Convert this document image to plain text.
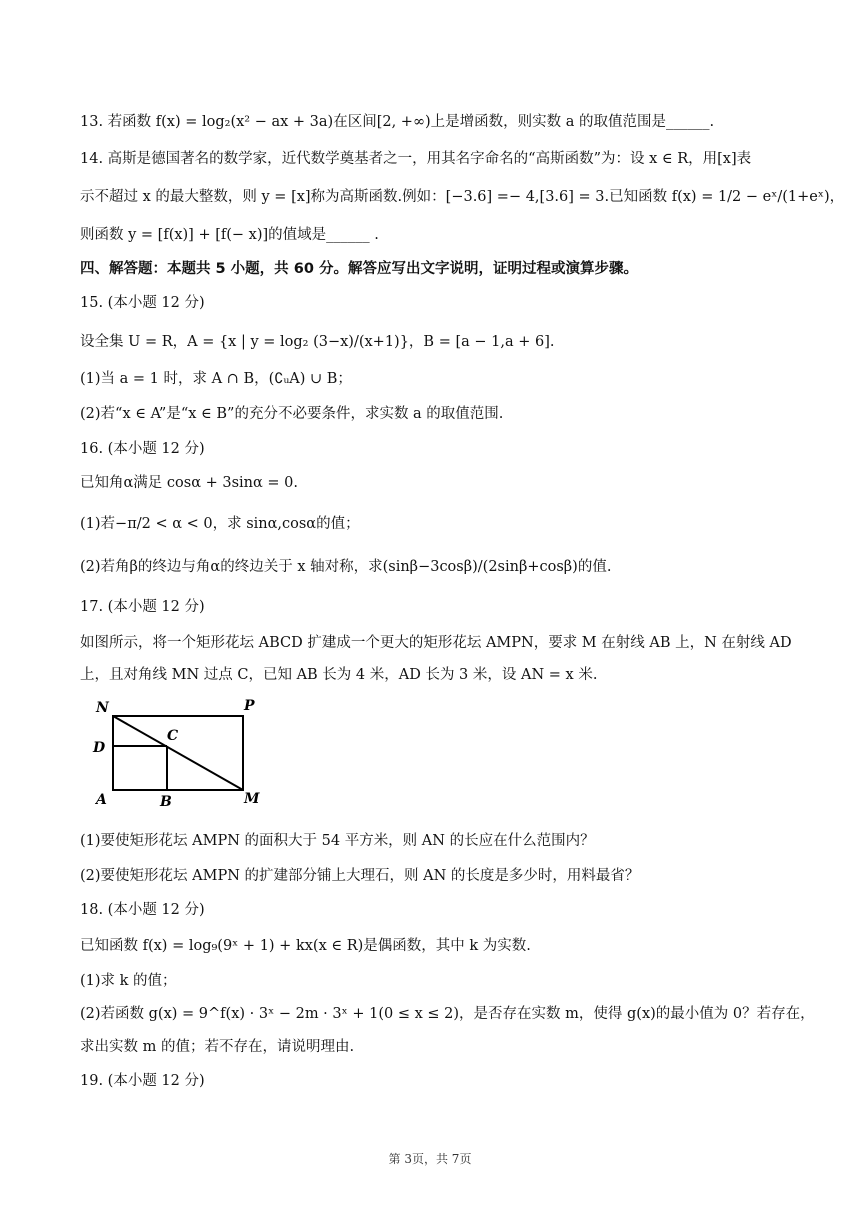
13. 若函数 f(x) = log₂(x² − ax + 3a)在区间[2, +∞)上是增函数，则实数 a 的取值范围是______.
14. 高斯是德国著名的数学家，近代数学奠基者之一，用其名字命名的“高斯函数”为：设 x ∈ R，用[x]表
示不超过 x 的最大整数，则 y = [x]称为高斯函数.例如：[−3.6] =− 4,[3.6] = 3.已知函数 f(x) = 1/2 − eˣ/(1+eˣ)，
则函数 y = [f(x)] + [f(− x)]的值域是______ .
四、解答题：本题共 5 小题，共 60 分。解答应写出文字说明，证明过程或演算步骤。
15. (本小题 12 分)
设全集 U = R，A = {x | y = log₂ (3−x)/(x+1)}，B = [a − 1,a + 6].
(1)当 a = 1 时，求 A ∩ B，(∁ᵤA) ∪ B；
(2)若“x ∈ A”是“x ∈ B”的充分不必要条件，求实数 a 的取值范围.
16. (本小题 12 分)
已知角α满足 cosα + 3sinα = 0.
(1)若−π/2 < α < 0，求 sinα,cosα的值；
(2)若角β的终边与角α的终边关于 x 轴对称，求(sinβ−3cosβ)/(2sinβ+cosβ)的值.
17. (本小题 12 分)
如图所示，将一个矩形花坛 ABCD 扩建成一个更大的矩形花坛 AMPN，要求 M 在射线 AB 上，N 在射线 AD
上，且对角线 MN 过点 C，已知 AB 长为 4 米，AD 长为 3 米，设 AN = x 米.
N	P
D
C
A	B	M
(1)要使矩形花坛 AMPN 的面积大于 54 平方米，则 AN 的长应在什么范围内？
(2)要使矩形花坛 AMPN 的扩建部分铺上大理石，则 AN 的长度是多少时，用料最省？
18. (本小题 12 分)
已知函数 f(x) = log₉(9ˣ + 1) + kx(x ∈ R)是偶函数，其中 k 为实数.
(1)求 k 的值；
(2)若函数 g(x) = 9^f(x) · 3ˣ − 2m · 3ˣ + 1(0 ≤ x ≤ 2)，是否存在实数 m，使得 g(x)的最小值为 0？若存在，
求出实数 m 的值；若不存在，请说明理由.
19. (本小题 12 分)
第 3页，共 7页
